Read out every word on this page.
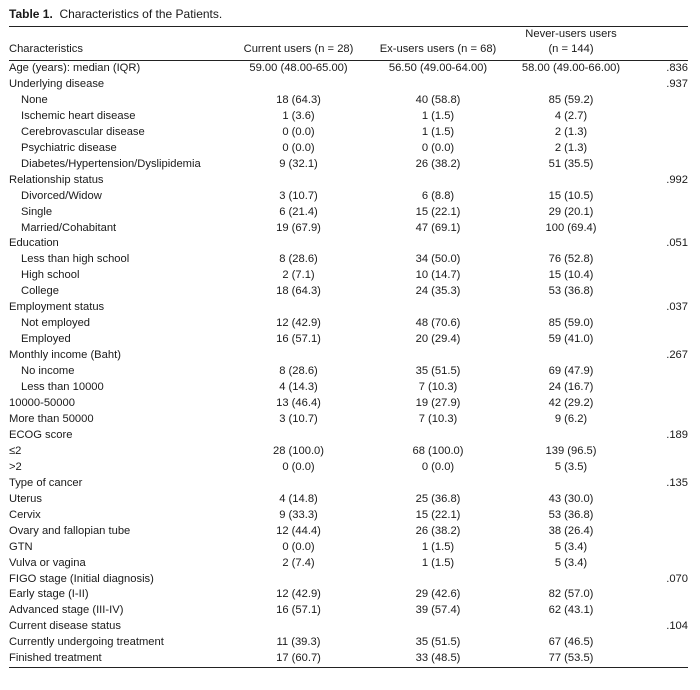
Table 1. Characteristics of the Patients.
Characteristics	Current users (n = 28)	Ex-users users (n = 68)	Never-users users
(n = 144)	
Age (years): median (IQR)	59.00 (48.00-65.00)	56.50 (49.00-64.00)	58.00 (49.00-66.00)	.836
Underlying disease				.937
None	18 (64.3)	40 (58.8)	85 (59.2)	
Ischemic heart disease	1 (3.6)	1 (1.5)	4 (2.7)	
Cerebrovascular disease	0 (0.0)	1 (1.5)	2 (1.3)	
Psychiatric disease	0 (0.0)	0 (0.0)	2 (1.3)	
Diabetes/Hypertension/Dyslipidemia	9 (32.1)	26 (38.2)	51 (35.5)	
Relationship status				.992
Divorced/Widow	3 (10.7)	6 (8.8)	15 (10.5)	
Single	6 (21.4)	15 (22.1)	29 (20.1)	
Married/Cohabitant	19 (67.9)	47 (69.1)	100 (69.4)	
Education				.051
Less than high school	8 (28.6)	34 (50.0)	76 (52.8)	
High school	2 (7.1)	10 (14.7)	15 (10.4)	
College	18 (64.3)	24 (35.3)	53 (36.8)	
Employment status				.037
Not employed	12 (42.9)	48 (70.6)	85 (59.0)	
Employed	16 (57.1)	20 (29.4)	59 (41.0)	
Monthly income (Baht)				.267
No income	8 (28.6)	35 (51.5)	69 (47.9)	
Less than 10000	4 (14.3)	7 (10.3)	24 (16.7)	
10000-50000	13 (46.4)	19 (27.9)	42 (29.2)	
More than 50000	3 (10.7)	7 (10.3)	9 (6.2)	
ECOG score				.189
≤2	28 (100.0)	68 (100.0)	139 (96.5)	
>2	0 (0.0)	0 (0.0)	5 (3.5)	
Type of cancer				.135
Uterus	4 (14.8)	25 (36.8)	43 (30.0)	
Cervix	9 (33.3)	15 (22.1)	53 (36.8)	
Ovary and fallopian tube	12 (44.4)	26 (38.2)	38 (26.4)	
GTN	0 (0.0)	1 (1.5)	5 (3.4)	
Vulva or vagina	2 (7.4)	1 (1.5)	5 (3.4)	
FIGO stage (Initial diagnosis)				.070
Early stage (I-II)	12 (42.9)	29 (42.6)	82 (57.0)	
Advanced stage (III-IV)	16 (57.1)	39 (57.4)	62 (43.1)	
Current disease status				.104
Currently undergoing treatment	11 (39.3)	35 (51.5)	67 (46.5)	
Finished treatment	17 (60.7)	33 (48.5)	77 (53.5)	
